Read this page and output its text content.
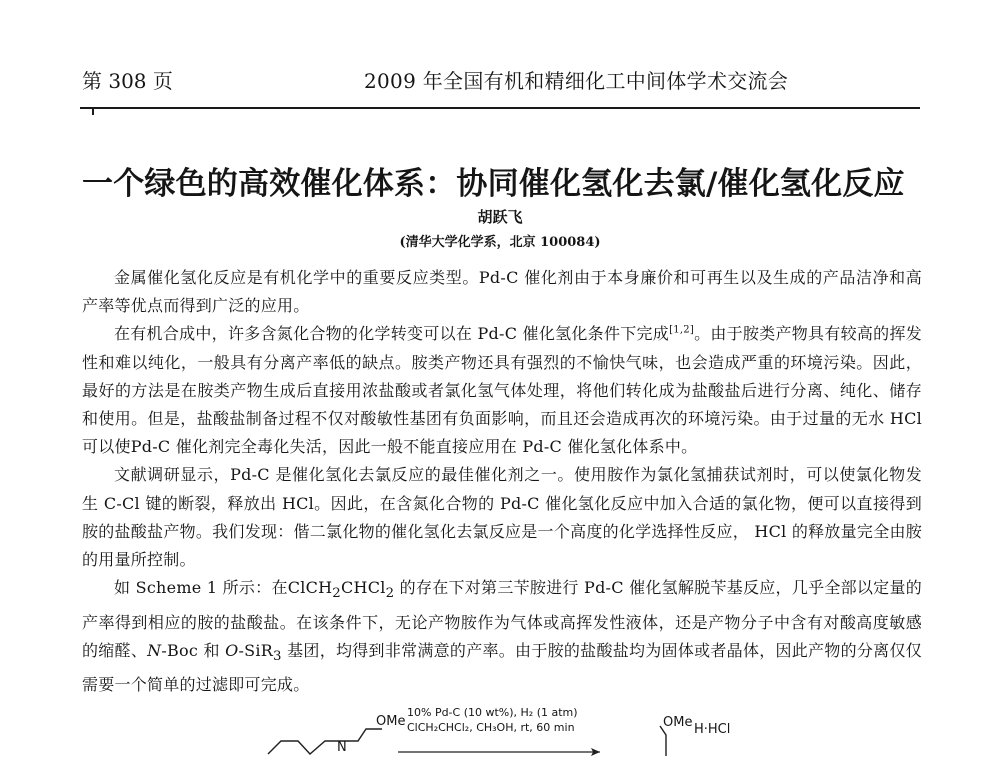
第 308 页	2009 年全国有机和精细化工中间体学术交流会
一个绿色的高效催化体系：协同催化氢化去氯/催化氢化反应
胡跃飞
(清华大学化学系，北京 100084)

金属催化氢化反应是有机化学中的重要反应类型。Pd-C 催化剂由于本身廉价和可再生以及生成的产品洁净和高产率等优点而得到广泛的应用。

在有机合成中，许多含氮化合物的化学转变可以在 Pd-C 催化氢化条件下完成[1,2]。由于胺类产物具有较高的挥发性和难以纯化，一般具有分离产率低的缺点。胺类产物还具有强烈的不愉快气味，也会造成严重的环境污染。因此，最好的方法是在胺类产物生成后直接用浓盐酸或者氯化氢气体处理，将他们转化成为盐酸盐后进行分离、纯化、储存和使用。但是，盐酸盐制备过程不仅对酸敏性基团有负面影响，而且还会造成再次的环境污染。由于过量的无水 HCl 可以使Pd-C 催化剂完全毒化失活，因此一般不能直接应用在 Pd-C 催化氢化体系中。

文献调研显示，Pd-C 是催化氢化去氯反应的最佳催化剂之一。使用胺作为氯化氢捕获试剂时，可以使氯化物发生 C-Cl 键的断裂，释放出 HCl。因此，在含氮化合物的 Pd-C 催化氢化反应中加入合适的氯化物，便可以直接得到胺的盐酸盐产物。我们发现：偕二氯化物的催化氢化去氯反应是一个高度的化学选择性反应， HCl 的释放量完全由胺的用量所控制。

如 Scheme 1 所示：在ClCH$_2$CHCl$_2$ 的存在下对第三苄胺进行 Pd-C 催化氢解脱苄基反应，几乎全部以定量的产率得到相应的胺的盐酸盐。在该条件下，无论产物胺作为气体或高挥发性液体，还是产物分子中含有对酸高度敏感的缩醛、N-Boc 和 O-SiR$_3$ 基团，均得到非常满意的产率。由于胺的盐酸盐均为固体或者晶体，因此产物的分离仅仅需要一个简单的过滤即可完成。

10% Pd-C (10 wt%), H₂ (1 atm)
ClCH₂CHCl₂, CH₃OH, rt, 60 min
OMe
N
OMe H·HCl
